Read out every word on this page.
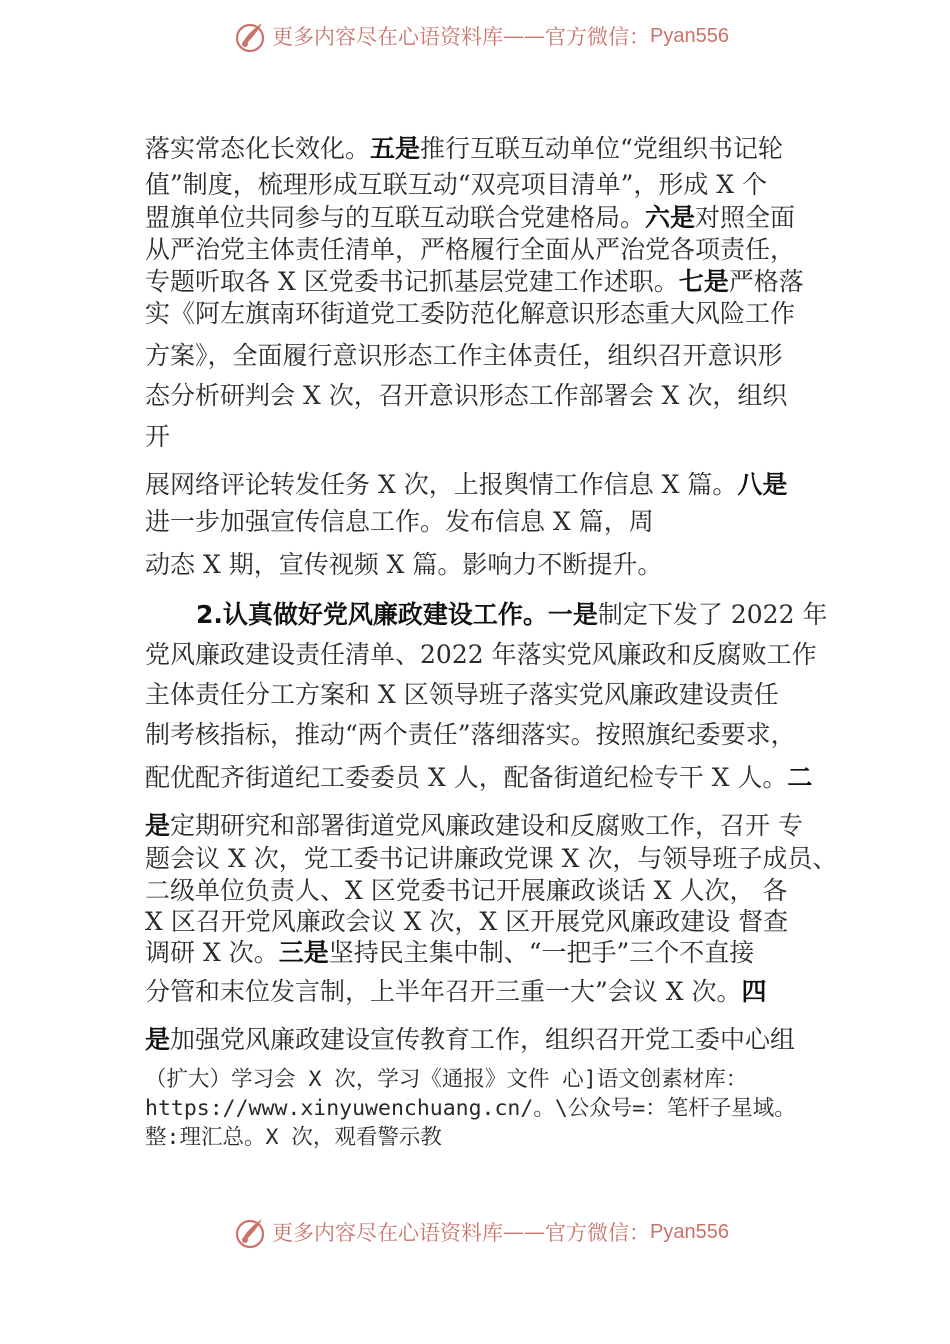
更多内容尽在心语资料库 —— 官方微信： Pyan556
落实常态化长效化。五是推行互联互动单位“党组织书记轮
值”制度，梳理形成互联互动“双亮项目清单”，形成 X 个
盟旗单位共同参与的互联互动联合党建格局。六是对照全面
从严治党主体责任清单，严格履行全面从严治党各项责任，
专题听取各 X 区党委书记抓基层党建工作述职。七是严格落
实《阿左旗南环街道党工委防范化解意识形态重大风险工作
方案》，全面履行意识形态工作主体责任，组织召开意识形
态分析研判会 X 次，召开意识形态工作部署会 X 次，组织
开
展网络评论转发任务 X 次，上报舆情工作信息 X 篇。八是
进一步加强宣传信息工作。发布信息 X 篇，周
动态 X 期，宣传视频 X 篇。影响力不断提升。
2.认真做好党风廉政建设工作。一是制定下发了 2022 年
党风廉政建设责任清单、2022 年落实党风廉政和反腐败工作
主体责任分工方案和 X 区领导班子落实党风廉政建设责任
制考核指标，推动“两个责任”落细落实。按照旗纪委要求，
配优配齐街道纪工委委员 X 人，配备街道纪检专干 X 人。二
是定期研究和部署街道党风廉政建设和反腐败工作，召开 专
题会议 X 次，党工委书记讲廉政党课 X 次，与领导班子成员、
二级单位负责人、X 区党委书记开展廉政谈话 X 人次， 各
X 区召开党风廉政会议 X 次，X 区开展党风廉政建设 督查
调研 X 次。三是坚持民主集中制、“一把手”三个不直接
分管和末位发言制，上半年召开三重一大”会议 X 次。四
是加强党风廉政建设宣传教育工作，组织召开党工委中心组
（扩大）学习会 X 次，学习《通报》文件 心]语文创素材库：
https://www.xinyuwenchuang.cn/。\公众号=：笔杆子星域。
整:理汇总。X 次，观看警示教
更多内容尽在心语资料库 —— 官方微信： Pyan556
